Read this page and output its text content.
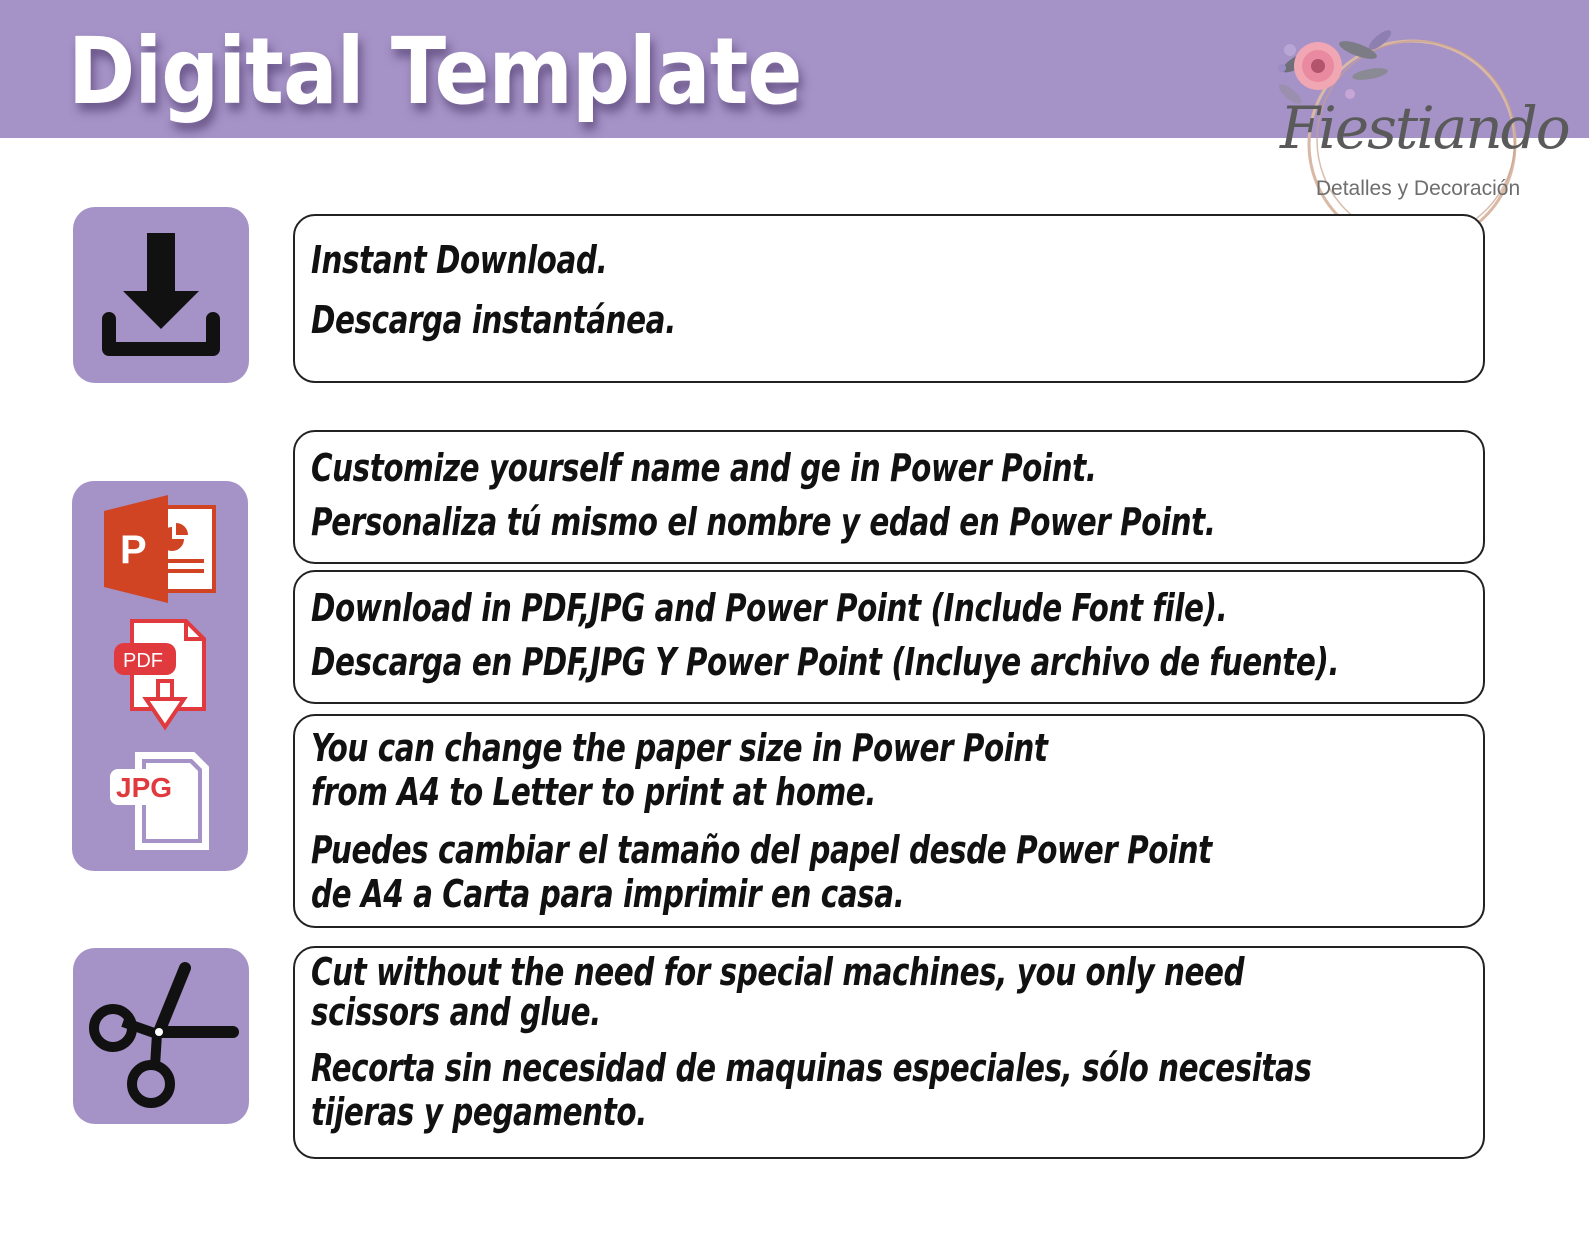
Digital Template
Fiestiando
Detalles y Decoración
P
PDF
JPG
Instant Download.
Descarga instantánea.
Customize yourself name and ge in Power Point.
Personaliza tú mismo el nombre y edad en Power Point.
Download in PDF,JPG and Power Point (Include Font file).
Descarga en PDF,JPG Y Power Point (Incluye archivo de fuente).
You can change the paper size in Power Point
from A4 to Letter to print at home.
Puedes cambiar el tamaño del papel desde Power Point
de A4 a Carta para imprimir en casa.
Cut without the need for special machines, you only need
scissors and glue.
Recorta sin necesidad de maquinas especiales, sólo necesitas
tijeras y pegamento.
